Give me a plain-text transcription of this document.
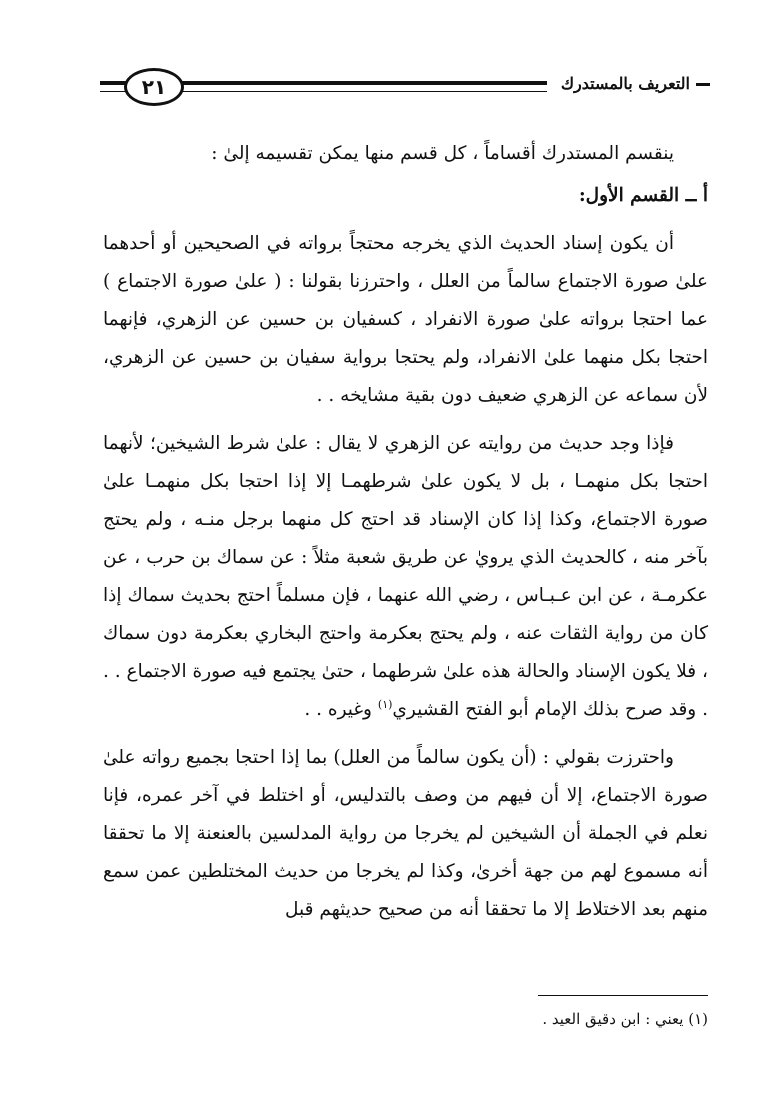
التعريف بالمستدرك
٢١

ينقسم المستدرك أقساماً ، كل قسم منها يمكن تقسيمه إلىٰ :

أ ــ القسم الأول:

أن يكون إسناد الحديث الذي يخرجه محتجاً برواته في الصحيحين أو أحدهما علىٰ صورة الاجتماع سالماً من العلل ، واحترزنا بقولنا : ( علىٰ صورة الاجتماع ) عما احتجا برواته علىٰ صورة الانفراد ، كسفيان بن حسين عن الزهري، فإنهما احتجا بكل منهما علىٰ الانفراد، ولم يحتجا برواية سفيان بن حسين عن الزهري، لأن سماعه عن الزهري ضعيف دون بقية مشايخه . .

فإذا وجد حديث من روايته عن الزهري لا يقال : علىٰ شرط الشيخين؛ لأنهما احتجا بكل منهمـا ، بل لا يكون علىٰ شرطهمـا إلا إذا احتجا بكل منهمـا علىٰ صورة الاجتماع، وكذا إذا كان الإسناد قد احتج كل منهما برجل منـه ، ولم يحتج بآخر منه ، كالحديث الذي يرويٰ عن طريق شعبة مثلاً : عن سماك بن حرب ، عن عكرمـة ، عن ابن عـبـاس ، رضي الله عنهما ، فإن مسلماً احتج بحديث سماك إذا كان من رواية الثقات عنه ، ولم يحتج بعكرمة واحتج البخاري بعكرمة دون سماك ، فلا يكون الإسناد والحالة هذه علىٰ شرطهما ، حتىٰ يجتمع فيه صورة الاجتماع . . . وقد صرح بذلك الإمام أبو الفتح القشيري$^{(١)}$ وغيره . .

واحترزت بقولي : (أن يكون سالماً من العلل) بما إذا احتجا بجميع رواته علىٰ صورة الاجتماع، إلا أن فيهم من وصف بالتدليس، أو اختلط في آخر عمره، فإنا نعلم في الجملة أن الشيخين لم يخرجا من رواية المدلسين بالعنعنة إلا ما تحققا أنه مسموع لهم من جهة أخرىٰ، وكذا لم يخرجا من حديث المختلطين عمن سمع منهم بعد الاختلاط إلا ما تحققا أنه من صحيح حديثهم قبل

(١) يعني : ابن دقيق العيد .
